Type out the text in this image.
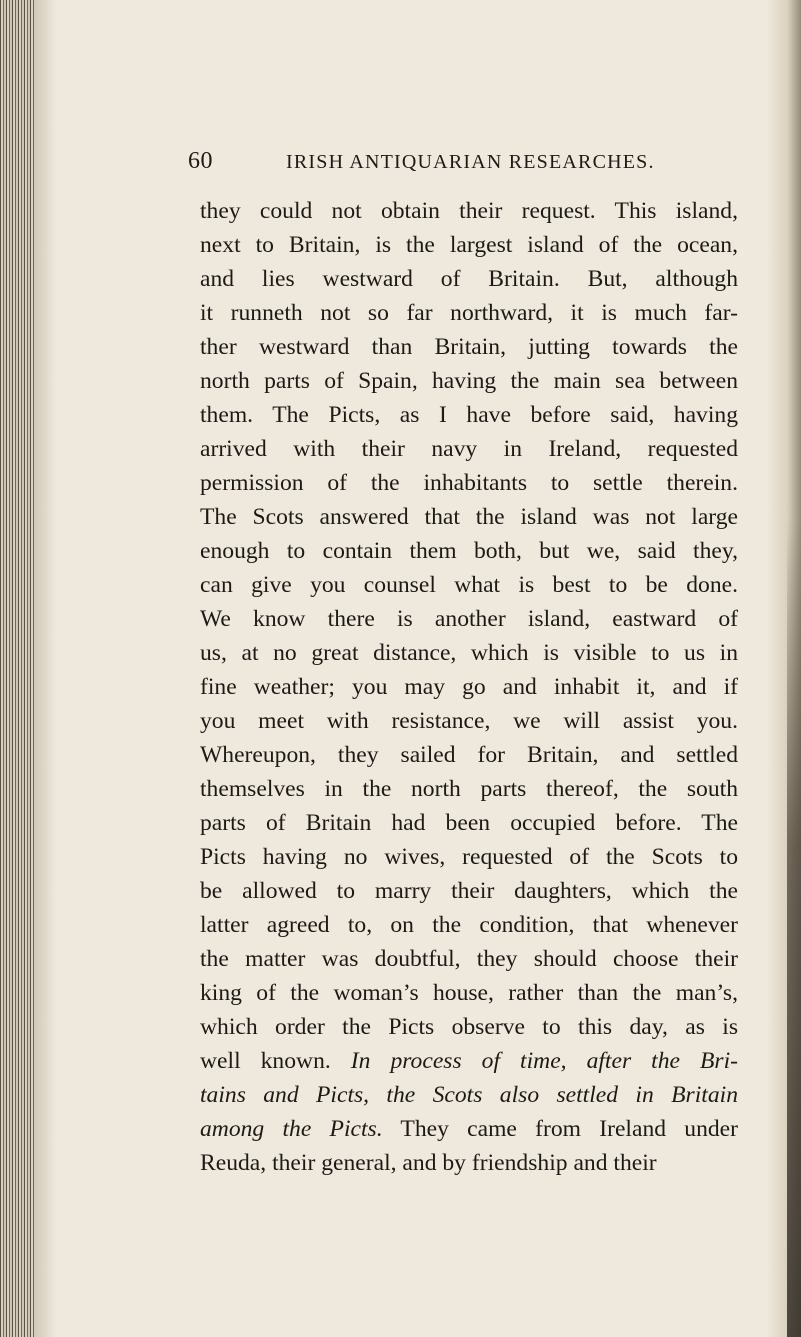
60	IRISH ANTIQUARIAN RESEARCHES.
they could not obtain their request. This island,
next to Britain, is the largest island of the ocean,
and lies westward of Britain. But, although
it runneth not so far northward, it is much far-
ther westward than Britain, jutting towards the
north parts of Spain, having the main sea between
them. The Picts, as I have before said, having
arrived with their navy in Ireland, requested
permission of the inhabitants to settle therein.
The Scots answered that the island was not large
enough to contain them both, but we, said they,
can give you counsel what is best to be done.
We know there is another island, eastward of
us, at no great distance, which is visible to us in
fine weather; you may go and inhabit it, and if
you meet with resistance, we will assist you.
Whereupon, they sailed for Britain, and settled
themselves in the north parts thereof, the south
parts of Britain had been occupied before. The
Picts having no wives, requested of the Scots to
be allowed to marry their daughters, which the
latter agreed to, on the condition, that whenever
the matter was doubtful, they should choose their
king of the woman’s house, rather than the man’s,
which order the Picts observe to this day, as is
well known. In process of time, after the Bri-
tains and Picts, the Scots also settled in Britain
among the Picts. They came from Ireland under
Reuda, their general, and by friendship and their
